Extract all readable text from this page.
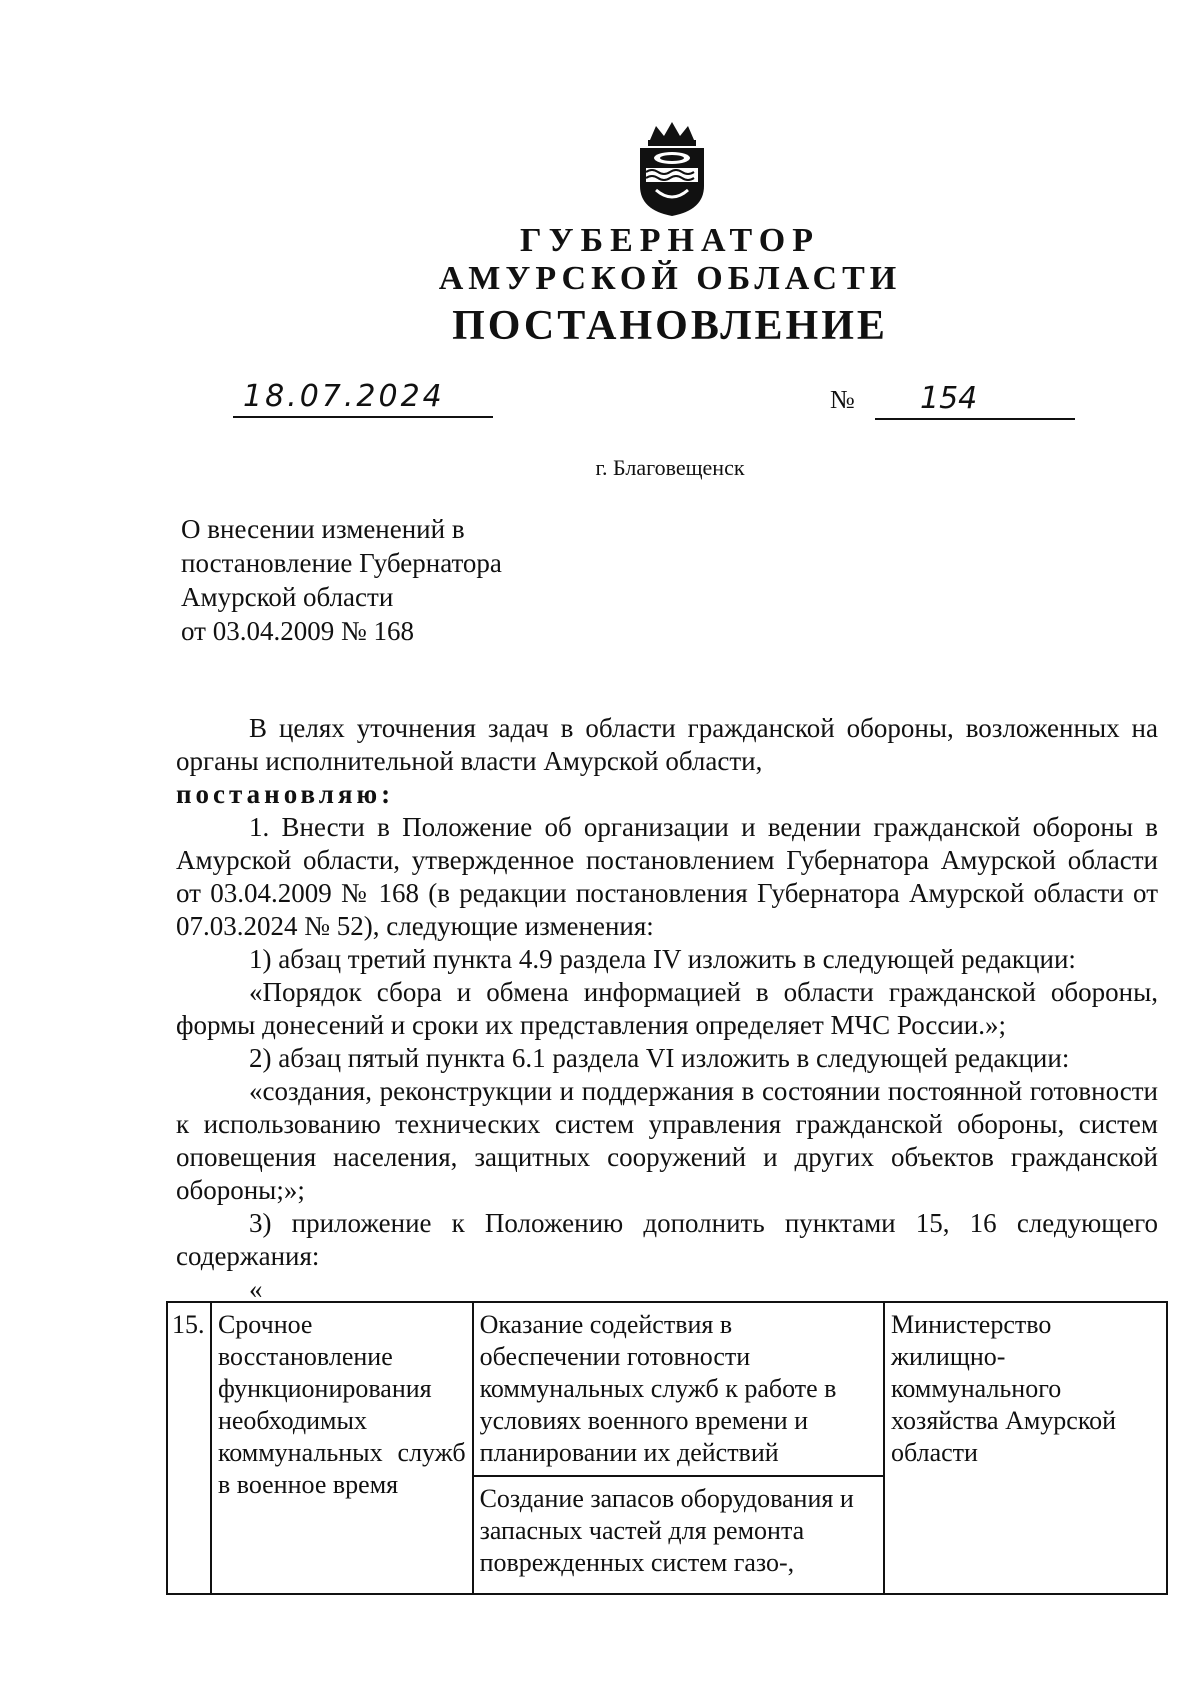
ГУБЕРНАТОР
АМУРСКОЙ ОБЛАСТИ
ПОСТАНОВЛЕНИЕ
18.07.2024	№	154
г. Благовещенск
О внесении изменений в
постановление Губернатора
Амурской области
от 03.04.2009 № 168

В целях уточнения задач в области гражданской обороны, возложенных на органы исполнительной власти Амурской области,

постановляю:

1. Внести в Положение об организации и ведении гражданской обороны в Амурской области, утвержденное постановлением Губернатора Амурской области от 03.04.2009 № 168 (в редакции постановления Губернатора Амурской области от 07.03.2024 № 52), следующие изменения:

1) абзац третий пункта 4.9 раздела IV изложить в следующей редакции:

«Порядок сбора и обмена информацией в области гражданской обороны, формы донесений и сроки их представления определяет МЧС России.»;

2) абзац пятый пункта 6.1 раздела VI изложить в следующей редакции:

«создания, реконструкции и поддержания в состоянии постоянной готовности к использованию технических систем управления гражданской обороны, систем оповещения населения, защитных сооружений и других объектов гражданской обороны;»;

3) приложение к Положению дополнить пунктами 15, 16 следующего содержания:

«
15.	Срочное восстановление функционирования необходимых коммунальных служб в военное время	Оказание содействия в обеспечении готовности коммунальных служб к работе в условиях военного времени и планировании их действий	Министерство жилищно-коммунального хозяйства Амурской области
Создание запасов оборудования и запасных частей для ремонта поврежденных систем газо-,
